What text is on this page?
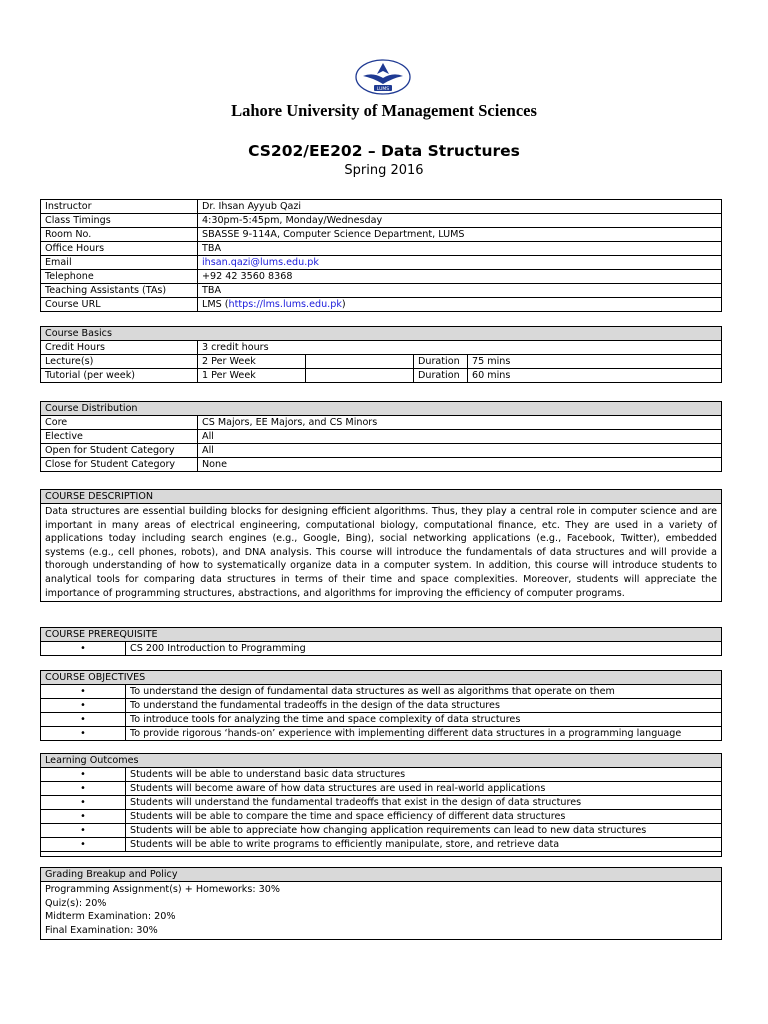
LUMS
Lahore University of Management Sciences
CS202/EE202 – Data Structures
Spring 2016
Instructor	Dr. Ihsan Ayyub Qazi
Class Timings	4:30pm-5:45pm, Monday/Wednesday
Room No.	SBASSE 9-114A, Computer Science Department, LUMS
Office Hours	TBA
Email	ihsan.qazi@lums.edu.pk
Telephone	+92 42 3560 8368
Teaching Assistants (TAs)	TBA
Course URL	LMS (https://lms.lums.edu.pk)
Course Basics				
Credit Hours	3 credit hours			
Lecture(s)	2 Per Week		Duration	75 mins
Tutorial (per week)	1 Per Week		Duration	60 mins
Course Distribution	
Core	CS Majors, EE Majors, and CS Minors
Elective	All
Open for Student Category	All
Close for Student Category	None
COURSE DESCRIPTION
Data structures are essential building blocks for designing efficient algorithms. Thus, they play a central role in computer science and are important in many areas of electrical engineering, computational biology, computational finance, etc. They are used in a variety of applications today including search engines (e.g., Google, Bing), social networking applications (e.g., Facebook, Twitter), embedded systems (e.g., cell phones, robots), and DNA analysis. This course will introduce the fundamentals of data structures and will provide a thorough understanding of how to systematically organize data in a computer system. In addition, this course will introduce students to analytical tools for comparing data structures in terms of their time and space complexities. Moreover, students will appreciate the importance of programming structures, abstractions, and algorithms for improving the efficiency of computer programs.
COURSE PREREQUISITE
•	CS 200 Introduction to Programming
COURSE OBJECTIVES	
•	To understand the design of fundamental data structures as well as algorithms that operate on them
•	To understand the fundamental tradeoffs in the design of the data structures
•	To introduce tools for analyzing the time and space complexity of data structures
•	To provide rigorous ‘hands-on’ experience with implementing different data structures in a programming language
Learning Outcomes	
•	Students will be able to understand basic data structures
•	Students will become aware of how data structures are used in real-world applications
•	Students will understand the fundamental tradeoffs that exist in the design of data structures
•	Students will be able to compare the time and space efficiency of different data structures
•	Students will be able to appreciate how changing application requirements can lead to new data structures
•	Students will be able to write programs to efficiently manipulate, store, and retrieve data

Grading Breakup and Policy

Programming Assignment(s) + Homeworks: 30%
Quiz(s): 20%
Midterm Examination: 20%
Final Examination: 30%
